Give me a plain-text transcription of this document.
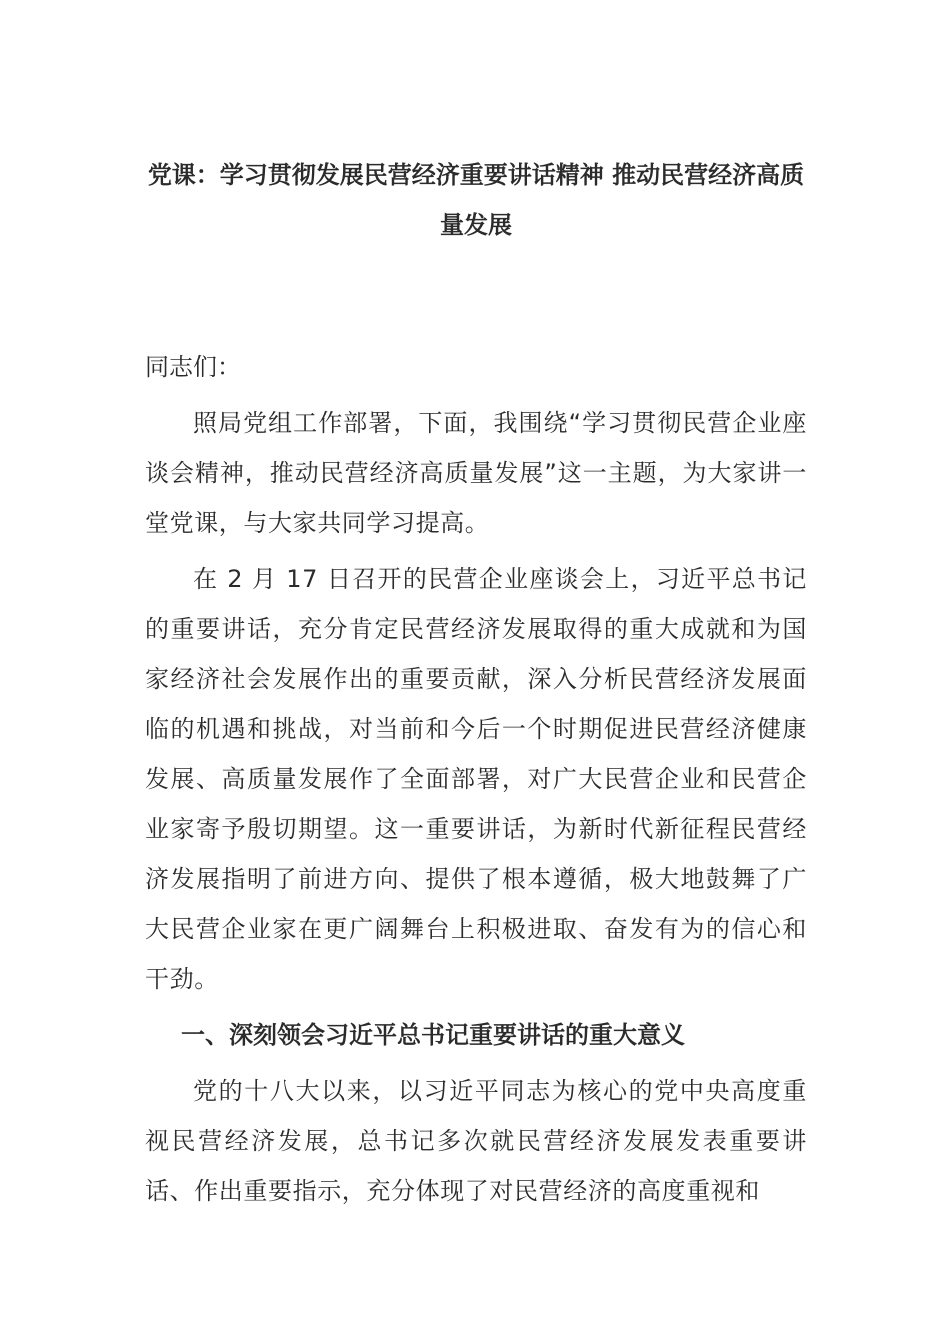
党课：学习贯彻发展民营经济重要讲话精神 推动民营经济高质量发展

同志们：

照局党组工作部署，下面，我围绕“学习贯彻民营企业座谈会精神，推动民营经济高质量发展”这一主题，为大家讲一堂党课，与大家共同学习提高。

在 2 月 17 日召开的民营企业座谈会上，习近平总书记的重要讲话，充分肯定民营经济发展取得的重大成就和为国家经济社会发展作出的重要贡献，深入分析民营经济发展面临的机遇和挑战，对当前和今后一个时期促进民营经济健康发展、高质量发展作了全面部署，对广大民营企业和民营企业家寄予殷切期望。这一重要讲话，为新时代新征程民营经济发展指明了前进方向、提供了根本遵循，极大地鼓舞了广大民营企业家在更广阔舞台上积极进取、奋发有为的信心和干劲。

一、深刻领会习近平总书记重要讲话的重大意义

党的十八大以来，以习近平同志为核心的党中央高度重视民营经济发展，总书记多次就民营经济发展发表重要讲话、作出重要指示，充分体现了对民营经济的高度重视和
